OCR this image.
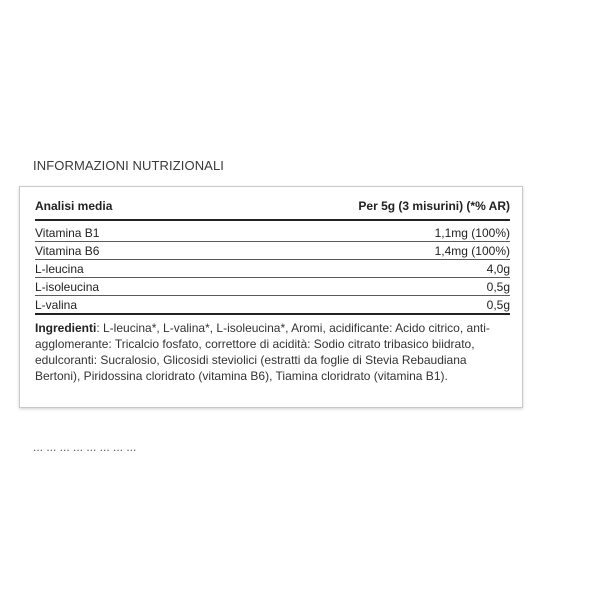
INFORMAZIONI NUTRIZIONALI
Analisi media	Per 5g (3 misurini) (*% AR)
Vitamina B1	1,1mg (100%)
Vitamina B6	1,4mg (100%)
L-leucina	4,0g
L-isoleucina	0,5g
L-valina	0,5g
Ingredienti: L-leucina*, L-valina*, L-isoleucina*, Aromi, acidificante: Acido citrico, anti-agglomerante: Tricalcio fosfato, correttore di acidità: Sodio citrato tribasico biidrato, edulcoranti: Sucralosio, Glicosidi steviolici (estratti da foglie di Stevia Rebaudiana Bertoni), Piridossina cloridrato (vitamina B6), Tiamina cloridrato (vitamina B1).
... ... ... ... ... ... ... ...
